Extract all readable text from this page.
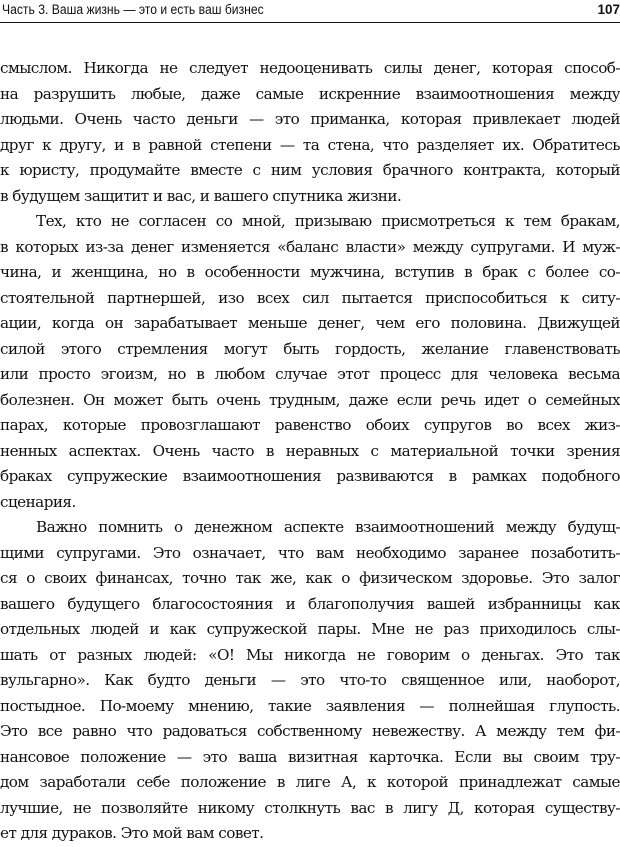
Часть 3. Ваша жизнь — это и есть ваш бизнес	107
смыслом. Никогда не следует недооценивать силы денег, которая способ-
на разрушить любые, даже самые искренние взаимоотношения между
людьми. Очень часто деньги — это приманка, которая привлекает людей
друг к другу, и в равной степени — та стена, что разделяет их. Обратитесь
к юристу, продумайте вместе с ним условия брачного контракта, который
в будущем защитит и вас, и вашего спутника жизни.
Тех, кто не согласен со мной, призываю присмотреться к тем бракам,
в которых из-за денег изменяется «баланс власти» между супругами. И муж-
чина, и женщина, но в особенности мужчина, вступив в брак с более со-
стоятельной партнершей, изо всех сил пытается приспособиться к ситу-
ации, когда он зарабатывает меньше денег, чем его половина. Движущей
силой этого стремления могут быть гордость, желание главенствовать
или просто эгоизм, но в любом случае этот процесс для человека весьма
болезнен. Он может быть очень трудным, даже если речь идет о семейных
парах, которые провозглашают равенство обоих супругов во всех жиз-
ненных аспектах. Очень часто в неравных с материальной точки зрения
браках супружеские взаимоотношения развиваются в рамках подобного
сценария.
Важно помнить о денежном аспекте взаимоотношений между будущ-
щими супругами. Это означает, что вам необходимо заранее позаботить-
ся о своих финансах, точно так же, как о физическом здоровье. Это залог
вашего будущего благосостояния и благополучия вашей избранницы как
отдельных людей и как супружеской пары. Мне не раз приходилось слы-
шать от разных людей: «О! Мы никогда не говорим о деньгах. Это так
вульгарно». Как будто деньги — это что-то священное или, наоборот,
постыдное. По-моему мнению, такие заявления — полнейшая глупость.
Это все равно что радоваться собственному невежеству. А между тем фи-
нансовое положение — это ваша визитная карточка. Если вы своим тру-
дом заработали себе положение в лиге А, к которой принадлежат самые
лучшие, не позволяйте никому столкнуть вас в лигу Д, которая существу-
ет для дураков. Это мой вам совет.
